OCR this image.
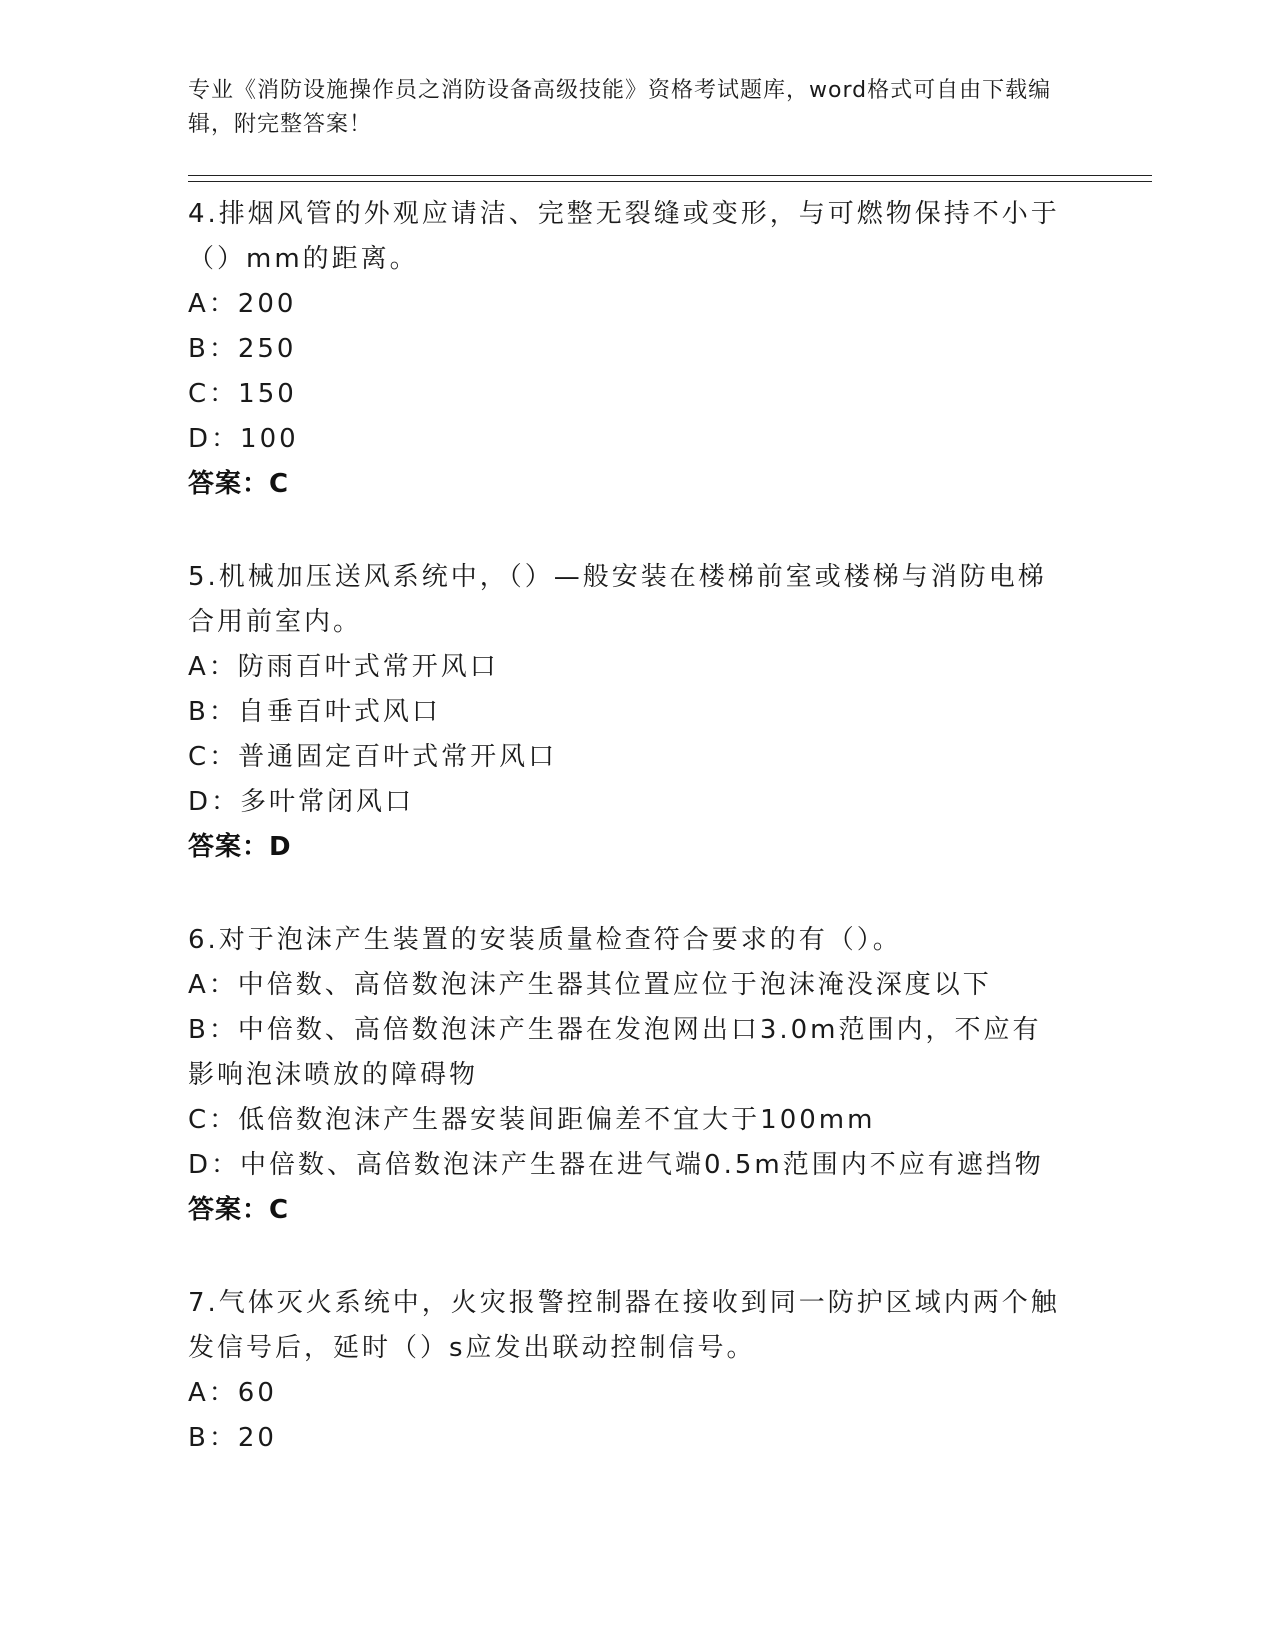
专业《消防设施操作员之消防设备高级技能》资格考试题库，word格式可自由下载编辑，附完整答案！
4.排烟风管的外观应请洁、完整无裂缝或变形，与可燃物保持不小于（）mm的距离。
A：200
B：250
C：150
D：100
答案：C
5.机械加压送风系统中，（）—般安装在楼梯前室或楼梯与消防电梯合用前室内。
A：防雨百叶式常开风口
B：自垂百叶式风口
C：普通固定百叶式常开风口
D：多叶常闭风口
答案：D
6.对于泡沫产生装置的安装质量检查符合要求的有（）。
A：中倍数、高倍数泡沫产生器其位置应位于泡沫淹没深度以下
B：中倍数、高倍数泡沫产生器在发泡网出口3.0m范围内，不应有影响泡沫喷放的障碍物
C：低倍数泡沫产生器安装间距偏差不宜大于100mm
D：中倍数、高倍数泡沫产生器在进气端0.5m范围内不应有遮挡物
答案：C
7.气体灭火系统中，火灾报警控制器在接收到同一防护区域内两个触发信号后，延时（）s应发出联动控制信号。
A：60
B：20
